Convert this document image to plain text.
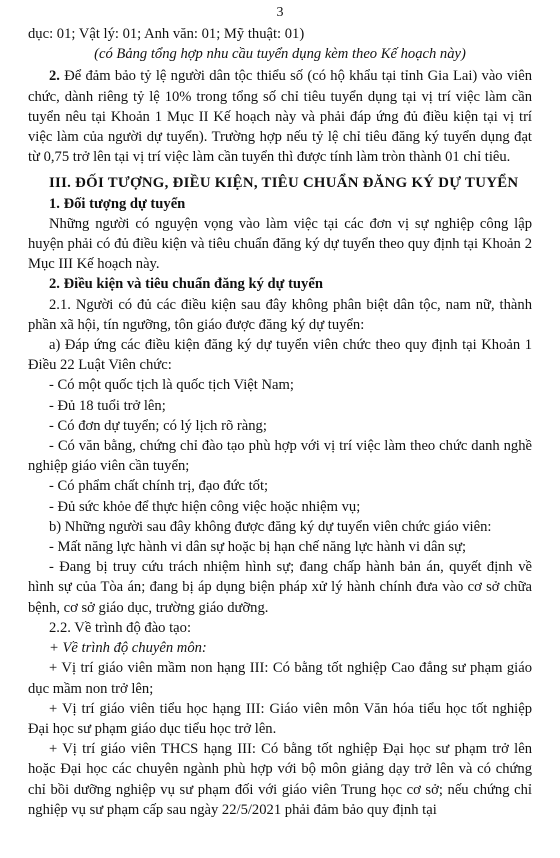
3

dục: 01; Vật lý: 01; Anh văn: 01; Mỹ thuật: 01)

(có Bảng tổng hợp nhu cầu tuyển dụng kèm theo Kế hoạch này)

2. Để đảm bảo tỷ lệ người dân tộc thiểu số (có hộ khẩu tại tỉnh Gia Lai) vào viên chức, dành riêng tỷ lệ 10% trong tổng số chỉ tiêu tuyển dụng tại vị trí việc làm cần tuyển nêu tại Khoản 1 Mục II Kế hoạch này và phải đáp ứng đủ điều kiện tại vị trí việc làm của người dự tuyển). Trường hợp nếu tỷ lệ chỉ tiêu đăng ký tuyển dụng đạt từ 0,75 trở lên tại vị trí việc làm cần tuyển thì được tính làm tròn thành 01 chỉ tiêu.

III. ĐỐI TƯỢNG, ĐIỀU KIỆN, TIÊU CHUẨN ĐĂNG KÝ DỰ TUYỂN

1. Đối tượng dự tuyển

Những người có nguyện vọng vào làm việc tại các đơn vị sự nghiệp công lập huyện phải có đủ điều kiện và tiêu chuẩn đăng ký dự tuyển theo quy định tại Khoản 2 Mục III Kế hoạch này.

2. Điều kiện và tiêu chuẩn đăng ký dự tuyển

2.1. Người có đủ các điều kiện sau đây không phân biệt dân tộc, nam nữ, thành phần xã hội, tín ngưỡng, tôn giáo được đăng ký dự tuyển:

a) Đáp ứng các điều kiện đăng ký dự tuyển viên chức theo quy định tại Khoản 1 Điều 22 Luật Viên chức:

- Có một quốc tịch là quốc tịch Việt Nam;

- Đủ 18 tuổi trở lên;

- Có đơn dự tuyển; có lý lịch rõ ràng;

- Có văn bằng, chứng chỉ đào tạo phù hợp với vị trí việc làm theo chức danh nghề nghiệp giáo viên cần tuyển;

- Có phẩm chất chính trị, đạo đức tốt;

- Đủ sức khỏe để thực hiện công việc hoặc nhiệm vụ;

b) Những người sau đây không được đăng ký dự tuyển viên chức giáo viên:

- Mất năng lực hành vi dân sự hoặc bị hạn chế năng lực hành vi dân sự;

- Đang bị truy cứu trách nhiệm hình sự; đang chấp hành bản án, quyết định về hình sự của Tòa án; đang bị áp dụng biện pháp xử lý hành chính đưa vào cơ sở chữa bệnh, cơ sở giáo dục, trường giáo dưỡng.

2.2. Về trình độ đào tạo:

+ Về trình độ chuyên môn:

+ Vị trí giáo viên mầm non hạng III: Có bằng tốt nghiệp Cao đẳng sư phạm giáo dục mầm non trở lên;

+ Vị trí giáo viên tiểu học hạng III: Giáo viên môn Văn hóa tiểu học tốt nghiệp Đại học sư phạm giáo dục tiểu học trở lên.

+ Vị trí giáo viên THCS hạng III: Có bằng tốt nghiệp Đại học sư phạm trở lên hoặc Đại học các chuyên ngành phù hợp với bộ môn giảng dạy trở lên và có chứng chỉ bồi dưỡng nghiệp vụ sư phạm đối với giáo viên Trung học cơ sở; nếu chứng chỉ nghiệp vụ sư phạm cấp sau ngày 22/5/2021 phải đảm bảo quy định tại
